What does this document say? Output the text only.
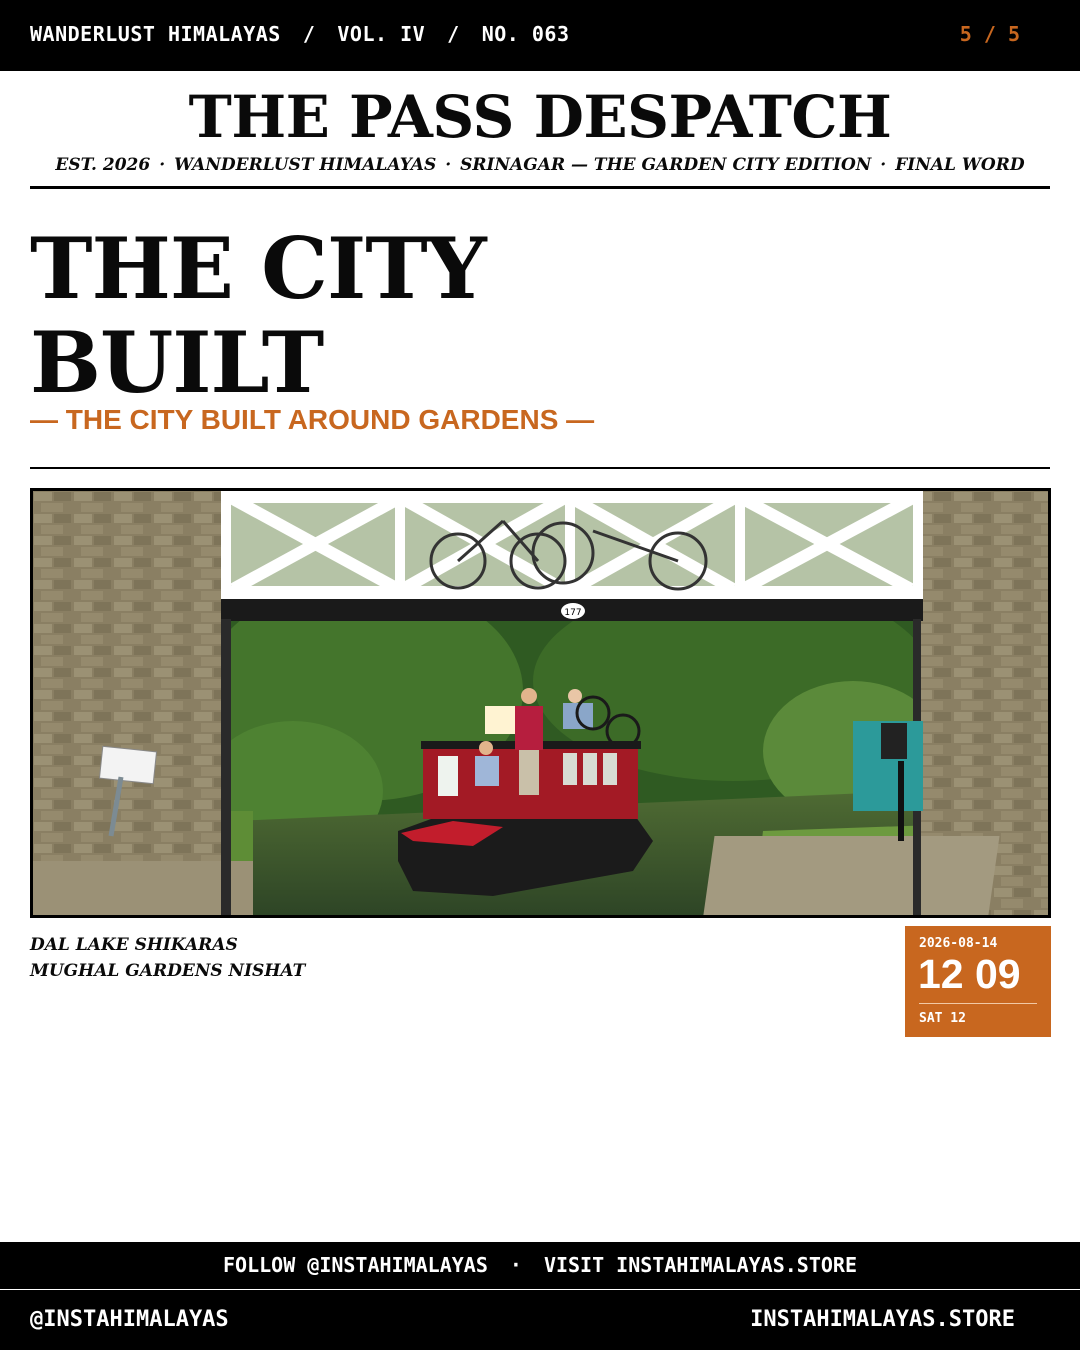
WANDERLUST HIMALAYAS / VOL. IV / NO. 063	5 / 5
THE PASS DESPATCH
EST. 2026 · WANDERLUST HIMALAYAS · SRINAGAR — THE GARDEN CITY EDITION · FINAL WORD
THE CITY
BUILT
— THE CITY BUILT AROUND GARDENS —
177
DAL LAKE SHIKARAS
MUGHAL GARDENS NISHAT
2026-08-14
12 09
SAT 12
FOLLOW @INSTAHIMALAYAS · VISIT INSTAHIMALAYAS.STORE
@INSTAHIMALAYAS	INSTAHIMALAYAS.STORE
